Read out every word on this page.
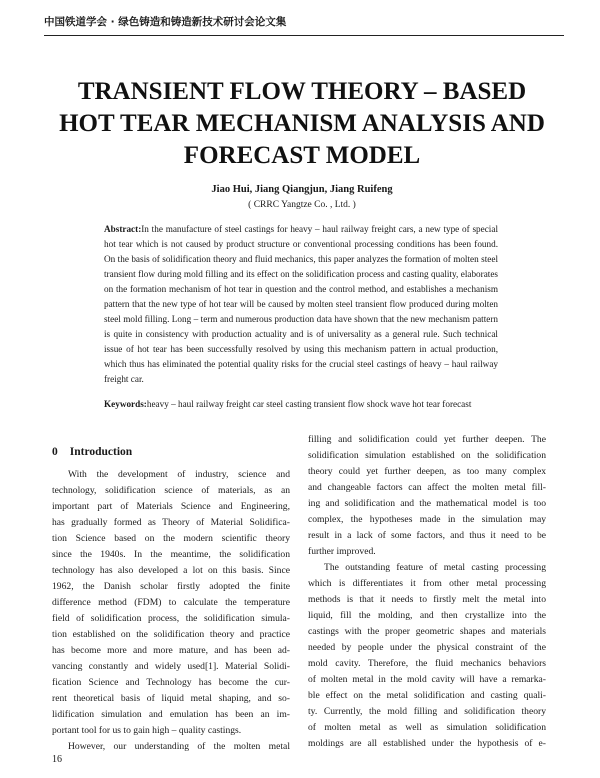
中国铁道学会 · 绿色铸造和铸造新技术研讨会论文集
TRANSIENT FLOW THEORY – BASED
HOT TEAR MECHANISM ANALYSIS AND
FORECAST MODEL
Jiao Hui, Jiang Qiangjun, Jiang Ruifeng
( CRRC Yangtze Co. , Ltd. )
Abstract:In the manufacture of steel castings for heavy – haul railway freight cars, a new type of special hot tear which is not caused by product structure or conventional processing conditions has been found. On the basis of solidification theory and fluid mechanics, this paper analyzes the formation of molten steel transient flow during mold filling and its effect on the solidification process and casting quality, elaborates on the formation mechanism of hot tear in question and the control method, and establishes a mechanism pattern that the new type of hot tear will be caused by molten steel transient flow produced during molten steel mold filling. Long – term and numerous production data have shown that the new mechanism pattern is quite in consistency with production actuality and is of universality as a general rule. Such technical issue of hot tear has been successfully resolved by using this mechanism pattern in actual production, which thus has eliminated the potential quality risks for the crucial steel castings of heavy – haul railway freight car.
Keywords:heavy – haul railway freight car steel casting transient flow shock wave hot tear forecast
0 Introduction
With the development of industry, science and
technology, solidification science of materials, as an
important part of Materials Science and Engineering,
has gradually formed as Theory of Material Solidifica-
tion Science based on the modern scientific theory
since the 1940s. In the meantime, the solidification
technology has also developed a lot on this basis. Since
1962, the Danish scholar firstly adopted the finite
difference method (FDM) to calculate the temperature
field of solidification process, the solidification simula-
tion established on the solidification theory and practice
has become more and more mature, and has been ad-
vancing constantly and widely used[1]. Material Solidi-
fication Science and Technology has become the cur-
rent theoretical basis of liquid metal shaping, and so-
lidification simulation and emulation has been an im-
portant tool for us to gain high – quality castings.
However, our understanding of the molten metal
filling and solidification could yet further deepen. The
solidification simulation established on the solidification
theory could yet further deepen, as too many complex
and changeable factors can affect the molten metal fill-
ing and solidification and the mathematical model is too
complex, the hypotheses made in the simulation may
result in a lack of some factors, and thus it need to be
further improved.
The outstanding feature of metal casting processing
which is differentiates it from other metal processing
methods is that it needs to firstly melt the metal into
liquid, fill the molding, and then crystallize into the
castings with the proper geometric shapes and materials
needed by people under the physical constraint of the
mold cavity. Therefore, the fluid mechanics behaviors
of molten metal in the mold cavity will have a remarka-
ble effect on the metal solidification and casting quali-
ty. Currently, the mold filling and solidification theory
of molten metal as well as simulation solidification
moldings are all established under the hypothesis of e-
16
